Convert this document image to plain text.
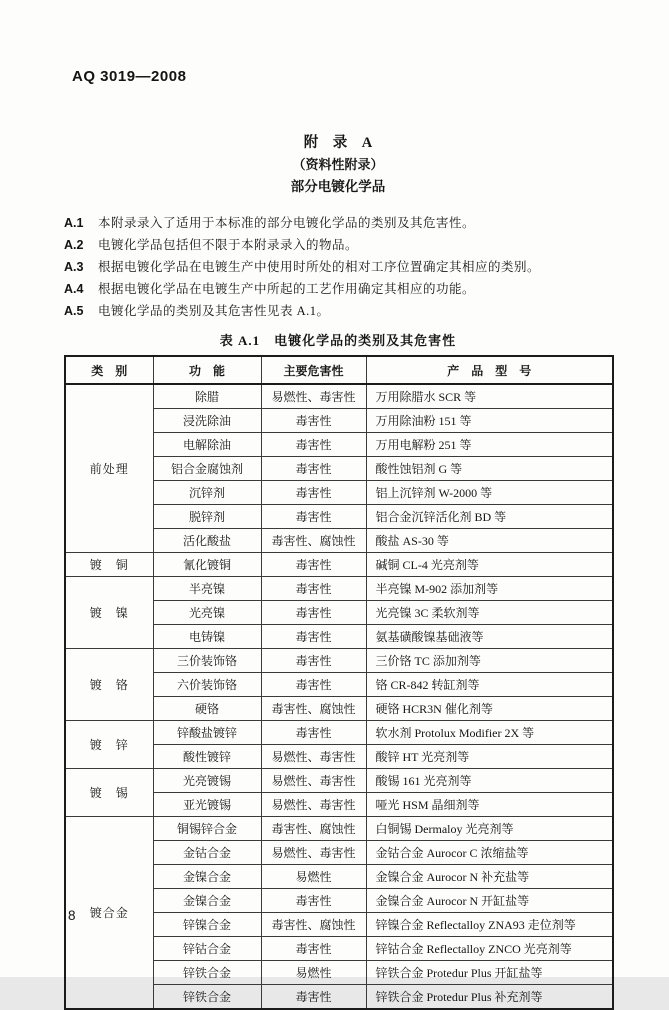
AQ 3019—2008
附　录　A
（资料性附录）
部分电镀化学品
A.1 本附录录入了适用于本标准的部分电镀化学品的类别及其危害性。
A.2 电镀化学品包括但不限于本附录录入的物品。
A.3 根据电镀化学品在电镀生产中使用时所处的相对工序位置确定其相应的类别。
A.4 根据电镀化学品在电镀生产中所起的工艺作用确定其相应的功能。
A.5 电镀化学品的类别及其危害性见表 A.1。
表 A.1　电镀化学品的类别及其危害性
类　别	功　能	主要危害性	产　品　型　号
前处理	除腊	易燃性、毒害性	万用除腊水 SCR 等
	浸洗除油	毒害性	万用除油粉 151 等
	电解除油	毒害性	万用电解粉 251 等
	铝合金腐蚀剂	毒害性	酸性蚀铝剂 G 等
	沉锌剂	毒害性	铝上沉锌剂 W-2000 等
	脱锌剂	毒害性	铝合金沉锌活化剂 BD 等
	活化酸盐	毒害性、腐蚀性	酸盐 AS-30 等
镀　铜	氰化镀铜	毒害性	碱铜 CL-4 光亮剂等
镀　镍	半亮镍	毒害性	半亮镍 M-902 添加剂等
	光亮镍	毒害性	光亮镍 3C 柔软剂等
	电铸镍	毒害性	氨基磺酸镍基础液等
镀　铬	三价装饰铬	毒害性	三价铬 TC 添加剂等
	六价装饰铬	毒害性	铬 CR-842 转缸剂等
	硬铬	毒害性、腐蚀性	硬铬 HCR3N 催化剂等
镀　锌	锌酸盐镀锌	毒害性	软水剂 Protolux Modifier 2X 等
	酸性镀锌	易燃性、毒害性	酸锌 HT 光亮剂等
镀　锡	光亮镀锡	易燃性、毒害性	酸锡 161 光亮剂等
	亚光镀锡	易燃性、毒害性	哑光 HSM 晶细剂等
镀合金	铜锡锌合金	毒害性、腐蚀性	白铜锡 Dermaloy 光亮剂等
	金钴合金	易燃性、毒害性	金钴合金 Aurocor C 浓缩盐等
	金镍合金	易燃性	金镍合金 Aurocor N 补充盐等
	金镍合金	毒害性	金镍合金 Aurocor N 开缸盐等
	锌镍合金	毒害性、腐蚀性	锌镍合金 Reflectalloy ZNA93 走位剂等
	锌钴合金	毒害性	锌钴合金 Reflectalloy ZNCO 光亮剂等
	锌铁合金	易燃性	锌铁合金 Protedur Plus 开缸盐等
	锌铁合金	毒害性	锌铁合金 Protedur Plus 补充剂等
8
